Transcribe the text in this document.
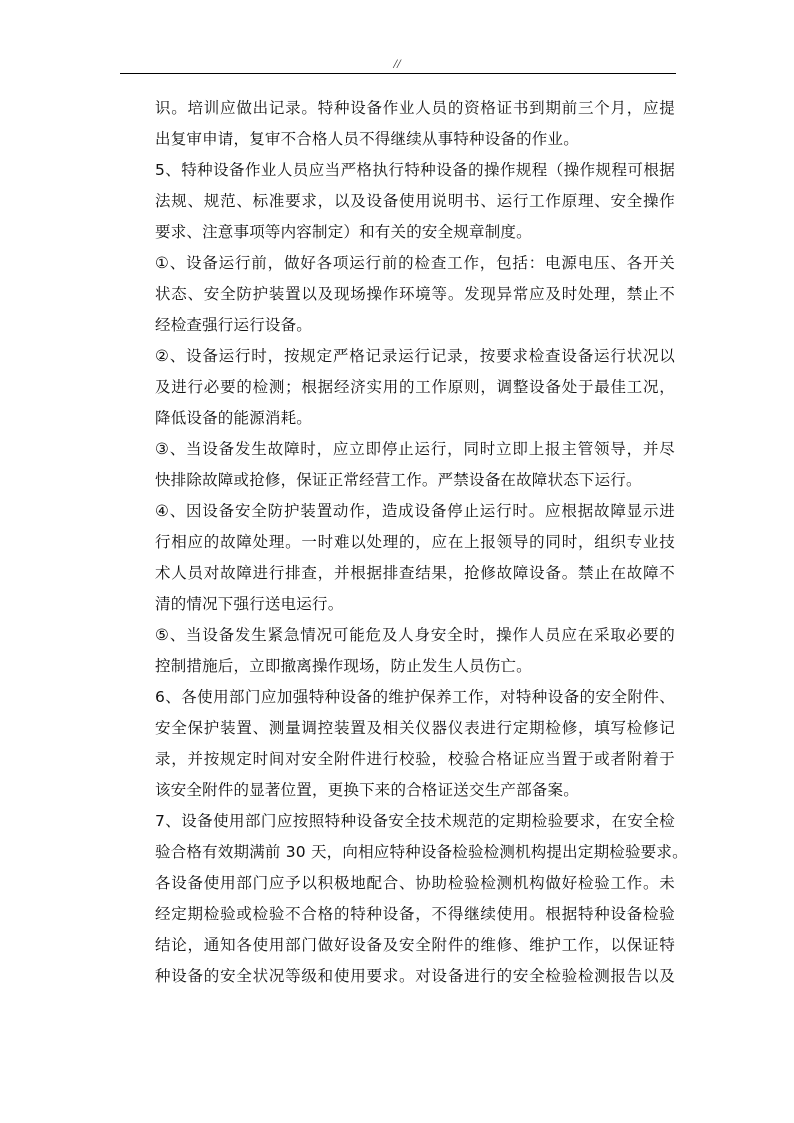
//
识。培训应做出记录。特种设备作业人员的资格证书到期前三个月，应提
出复审申请，复审不合格人员不得继续从事特种设备的作业。
5、特种设备作业人员应当严格执行特种设备的操作规程（操作规程可根据
法规、规范、标准要求，以及设备使用说明书、运行工作原理、安全操作
要求、注意事项等内容制定）和有关的安全规章制度。
①、设备运行前，做好各项运行前的检查工作，包括：电源电压、各开关
状态、安全防护装置以及现场操作环境等。发现异常应及时处理，禁止不
经检查强行运行设备。
②、设备运行时，按规定严格记录运行记录，按要求检查设备运行状况以
及进行必要的检测；根据经济实用的工作原则，调整设备处于最佳工况，
降低设备的能源消耗。
③、当设备发生故障时，应立即停止运行，同时立即上报主管领导，并尽
快排除故障或抢修，保证正常经营工作。严禁设备在故障状态下运行。
④、因设备安全防护装置动作，造成设备停止运行时。应根据故障显示进
行相应的故障处理。一时难以处理的，应在上报领导的同时，组织专业技
术人员对故障进行排查，并根据排查结果，抢修故障设备。禁止在故障不
清的情况下强行送电运行。
⑤、当设备发生紧急情况可能危及人身安全时，操作人员应在采取必要的
控制措施后，立即撤离操作现场，防止发生人员伤亡。
6、各使用部门应加强特种设备的维护保养工作，对特种设备的安全附件、
安全保护装置、测量调控装置及相关仪器仪表进行定期检修，填写检修记
录，并按规定时间对安全附件进行校验，校验合格证应当置于或者附着于
该安全附件的显著位置，更换下来的合格证送交生产部备案。
7、设备使用部门应按照特种设备安全技术规范的定期检验要求，在安全检
验合格有效期满前 30 天，向相应特种设备检验检测机构提出定期检验要求。
各设备使用部门应予以积极地配合、协助检验检测机构做好检验工作。未
经定期检验或检验不合格的特种设备，不得继续使用。根据特种设备检验
结论，通知各使用部门做好设备及安全附件的维修、维护工作，以保证特
种设备的安全状况等级和使用要求。对设备进行的安全检验检测报告以及
